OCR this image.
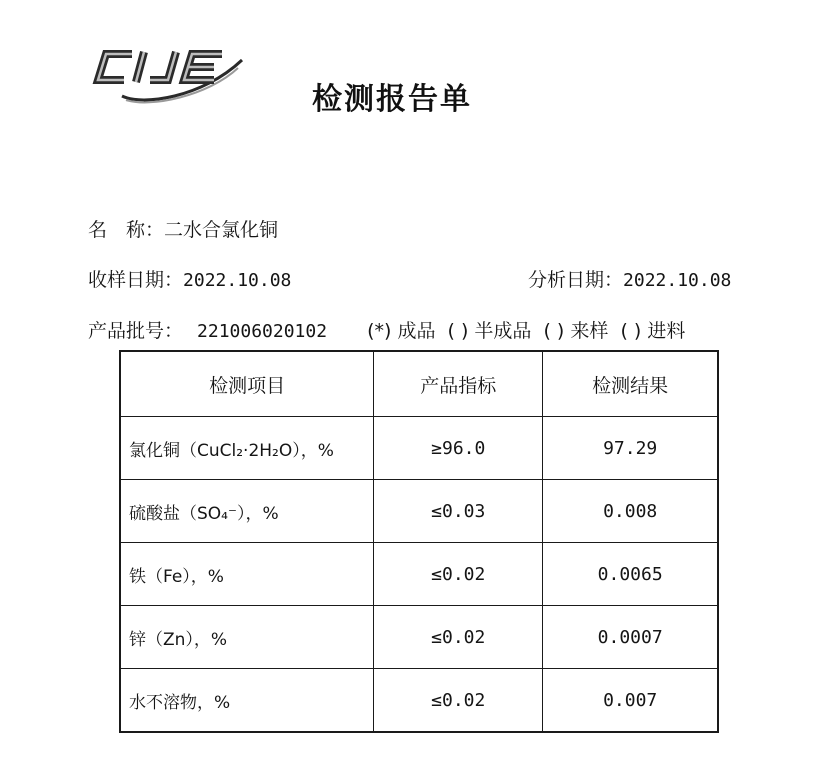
检测报告单
名　称：二水合氯化铜
收样日期：2022.10.08	分析日期：2022.10.08
产品批号： 221006020102 (*) 成品 ( ) 半成品 ( ) 来样 ( ) 进料
检测项目	产品指标	检测结果
氯化铜（CuCl₂·2H₂O），%	≥96.0	97.29
硫酸盐（SO₄⁻），%	≤0.03	0.008
铁（Fe），%	≤0.02	0.0065
锌（Zn），%	≤0.02	0.0007
水不溶物，%	≤0.02	0.007
